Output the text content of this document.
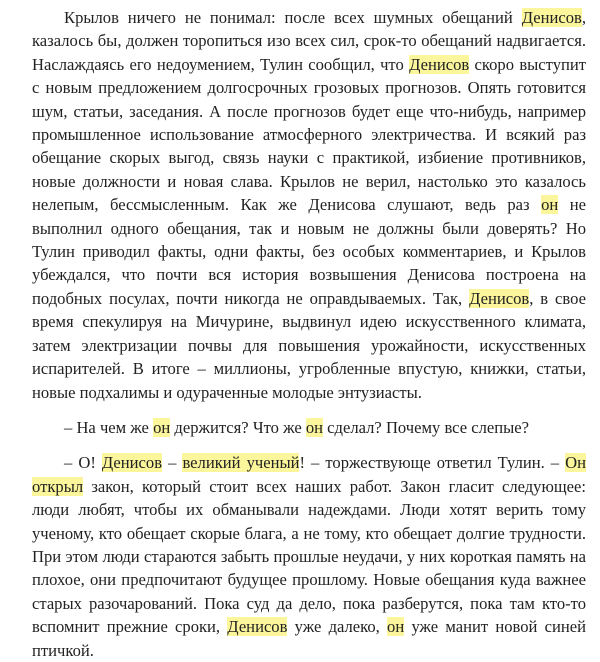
Крылов ничего не понимал: после всех шумных обещаний Денисов, казалось бы, должен торопиться изо всех сил, срок-то обещаний надвигается. Наслаждаясь его недоумением, Тулин сообщил, что Денисов скоро выступит с новым предложением долгосрочных грозовых прогнозов. Опять готовится шум, статьи, заседания. А после прогнозов будет еще что-нибудь, например промышленное использование атмосферного электричества. И всякий раз обещание скорых выгод, связь науки с практикой, избиение противников, новые должности и новая слава. Крылов не верил, настолько это казалось нелепым, бессмысленным. Как же Денисова слушают, ведь раз он не выполнил одного обещания, так и новым не должны были доверять? Но Тулин приводил факты, одни факты, без особых комментариев, и Крылов убеждался, что почти вся история возвышения Денисова построена на подобных посулах, почти никогда не оправдываемых. Так, Денисов, в свое время спекулируя на Мичурине, выдвинул идею искусственного климата, затем электризации почвы для повышения урожайности, искусственных испарителей. В итоге – миллионы, угробленные впустую, книжки, статьи, новые подхалимы и одураченные молодые энтузиасты.

– На чем же он держится? Что же он сделал? Почему все слепые?

– О! Денисов – великий ученый! – торжествующе ответил Тулин. – Он открыл закон, который стоит всех наших работ. Закон гласит следующее: люди любят, чтобы их обманывали надеждами. Люди хотят верить тому ученому, кто обещает скорые блага, а не тому, кто обещает долгие трудности. При этом люди стараются забыть прошлые неудачи, у них короткая память на плохое, они предпочитают будущее прошлому. Новые обещания куда важнее старых разочарований. Пока суд да дело, пока разберутся, пока там кто-то вспомнит прежние сроки, Денисов уже далеко, он уже манит новой синей птичкой.
